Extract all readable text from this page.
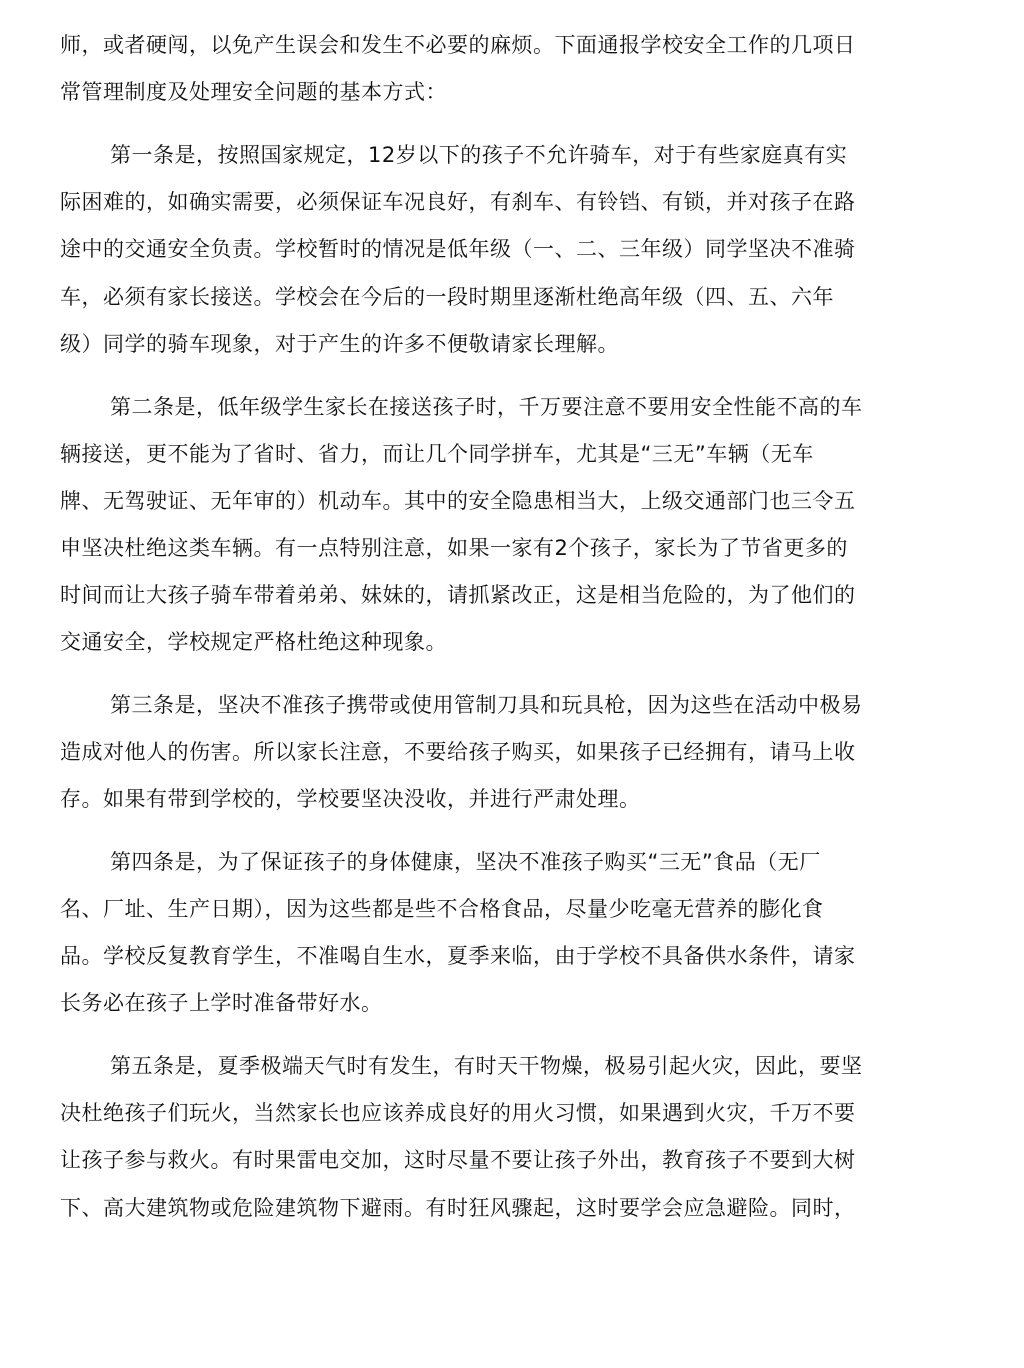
师，或者硬闯，以免产生误会和发生不必要的麻烦。下面通报学校安全工作的几项日

常管理制度及处理安全问题的基本方式：

第一条是，按照国家规定，12岁以下的孩子不允许骑车，对于有些家庭真有实

际困难的，如确实需要，必须保证车况良好，有刹车、有铃铛、有锁，并对孩子在路

途中的交通安全负责。学校暂时的情况是低年级（一、二、三年级）同学坚决不准骑

车，必须有家长接送。学校会在今后的一段时期里逐渐杜绝高年级（四、五、六年

级）同学的骑车现象，对于产生的许多不便敬请家长理解。

第二条是，低年级学生家长在接送孩子时，千万要注意不要用安全性能不高的车

辆接送，更不能为了省时、省力，而让几个同学拼车，尤其是“三无”车辆（无车

牌、无驾驶证、无年审的）机动车。其中的安全隐患相当大，上级交通部门也三令五

申坚决杜绝这类车辆。有一点特别注意，如果一家有2个孩子，家长为了节省更多的

时间而让大孩子骑车带着弟弟、妹妹的，请抓紧改正，这是相当危险的，为了他们的

交通安全，学校规定严格杜绝这种现象。

第三条是，坚决不准孩子携带或使用管制刀具和玩具枪，因为这些在活动中极易

造成对他人的伤害。所以家长注意，不要给孩子购买，如果孩子已经拥有，请马上收

存。如果有带到学校的，学校要坚决没收，并进行严肃处理。

第四条是，为了保证孩子的身体健康，坚决不准孩子购买“三无”食品（无厂

名、厂址、生产日期），因为这些都是些不合格食品，尽量少吃毫无营养的膨化食

品。学校反复教育学生，不准喝自生水，夏季来临，由于学校不具备供水条件，请家

长务必在孩子上学时准备带好水。

第五条是，夏季极端天气时有发生，有时天干物燥，极易引起火灾，因此，要坚

决杜绝孩子们玩火，当然家长也应该养成良好的用火习惯，如果遇到火灾，千万不要

让孩子参与救火。有时果雷电交加，这时尽量不要让孩子外出，教育孩子不要到大树

下、高大建筑物或危险建筑物下避雨。有时狂风骤起，这时要学会应急避险。同时，
